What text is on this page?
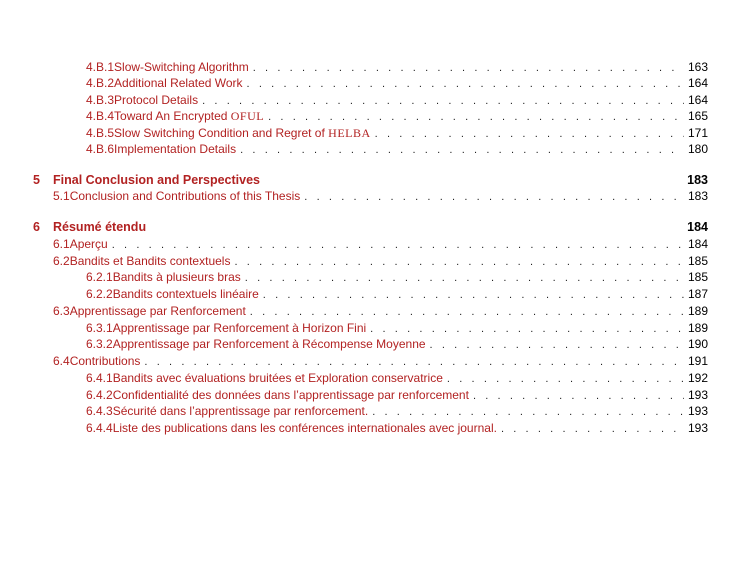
4.B.1 Slow-Switching Algorithm . . .	163
4.B.2 Additional Related Work . . .	164
4.B.3 Protocol Details . . .	164
4.B.4 Toward An Encrypted OFUL . . .	165
4.B.5 Slow Switching Condition and Regret of HELBA . . .	171
4.B.6 Implementation Details . . .	180
5	Final Conclusion and Perspectives	183
5.1 Conclusion and Contributions of this Thesis . . .	183
6	Résumé étendu	184
6.1 Aperçu . . .	184
6.2 Bandits et Bandits contextuels . . .	185
6.2.1 Bandits à plusieurs bras . . .	185
6.2.2 Bandits contextuels linéaire . . .	187
6.3 Apprentissage par Renforcement . . .	189
6.3.1 Apprentissage par Renforcement à Horizon Fini . . .	189
6.3.2 Apprentissage par Renforcement à Récompense Moyenne . . .	190
6.4 Contributions . . .	191
6.4.1 Bandits avec évaluations bruitées et Exploration conservatrice . . .	192
6.4.2 Confidentialité des données dans l’apprentissage par renforcement . . .	193
6.4.3 Sécurité dans l’apprentissage par renforcement. . . .	193
6.4.4 Liste des publications dans les conférences internationales avec journal. . . .	193
